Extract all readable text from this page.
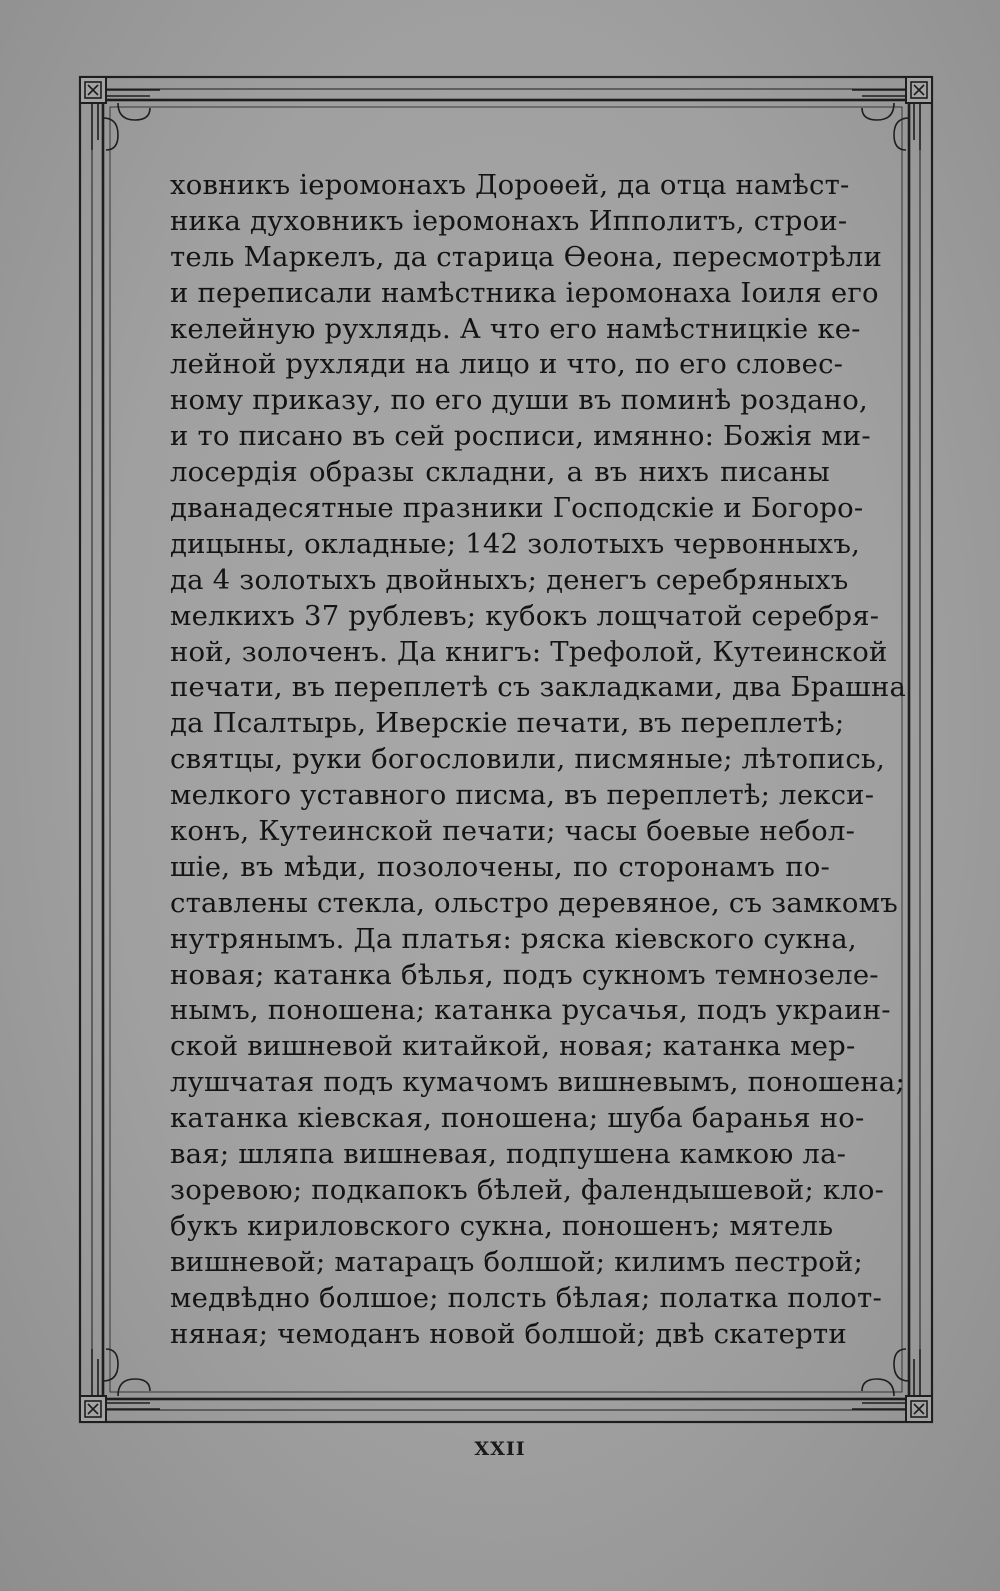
ховникъ іеромонахъ Дороѳей, да отца намѣст-
ника духовникъ іеромонахъ Ипполитъ, строи-
тель Маркелъ, да старица Ѳеона, пересмотрѣли
и переписали намѣстника іеромонаха Іоиля его
келейную рухлядь. А что его намѣстницкіе ке-
лейной рухляди на лицо и что, по его словес-
ному приказу, по его души въ поминѣ роздано,
и то писано въ сей росписи, имянно: Божія ми-
лосердія образы складни, а въ нихъ писаны
дванадесятные празники Господскіе и Богоро-
дицыны, окладные; 142 золотыхъ червонныхъ,
да 4 золотыхъ двойныхъ; денегъ серебряныхъ
мелкихъ 37 рублевъ; кубокъ лощчатой серебря-
ной, золоченъ. Да книгъ: Трефолой, Кутеинской
печати, въ переплетѣ съ закладками, два Брашна
да Псалтырь, Иверскіе печати, въ переплетѣ;
святцы, руки богословили, писмяные; лѣтопись,
мелкого уставного писма, въ переплетѣ; лекси-
конъ, Кутеинской печати; часы боевые небол-
шіе, въ мѣди, позолочены, по сторонамъ по-
ставлены стекла, ольстро деревяное, съ замкомъ
нутрянымъ. Да платья: ряска кіевского сукна,
новая; катанка бѣлья, подъ сукномъ темнозеле-
нымъ, поношена; катанка русачья, подъ украин-
ской вишневой китайкой, новая; катанка мер-
лушчатая подъ кумачомъ вишневымъ, поношена;
катанка кіевская, поношена; шуба баранья но-
вая; шляпа вишневая, подпушена камкою ла-
зоревою; подкапокъ бѣлей, фалендышевой; кло-
букъ кириловского сукна, поношенъ; мятель
вишневой; матарацъ болшой; килимъ пестрой;
медвѣдно болшое; полсть бѣлая; полатка полот-
няная; чемоданъ новой болшой; двѣ скатерти
XXII
